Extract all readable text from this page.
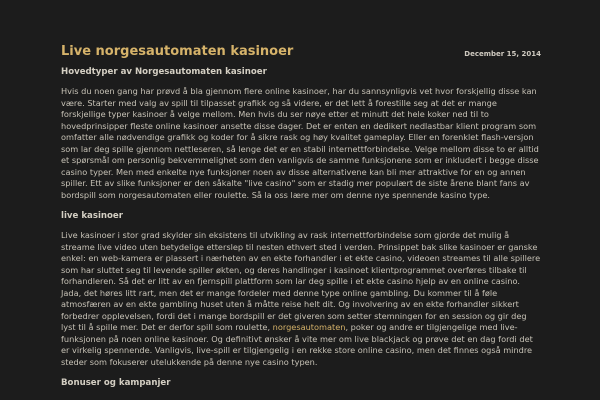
Live norgesautomaten kasinoer	December 15, 2014
Hovedtyper av Norgesautomaten kasinoer

Hvis du noen gang har prøvd å bla gjennom flere online kasinoer, har du sannsynligvis vet hvor forskjellig disse kan være. Starter med valg av spill til tilpasset grafikk og så videre, er det lett å forestille seg at det er mange forskjellige typer kasinoer å velge mellom. Men hvis du ser nøye etter et minutt det hele koker ned til to hovedprinsipper fleste online kasinoer ansette disse dager. Det er enten en dedikert nedlastbar klient program som omfatter alle nødvendige grafikk og koder for å sikre rask og høy kvalitet gameplay. Eller en forenklet flash-versjon som lar deg spille gjennom nettleseren, så lenge det er en stabil internettforbindelse. Velge mellom disse to er alltid et spørsmål om personlig bekvemmelighet som den vanligvis de samme funksjonene som er inkludert i begge disse casino typer. Men med enkelte nye funksjoner noen av disse alternativene kan bli mer attraktive for en og annen spiller. Ett av slike funksjoner er den såkalte "live casino" som er stadig mer populært de siste årene blant fans av bordspill som norgesautomaten eller roulette. Så la oss lære mer om denne nye spennende kasino type.

live kasinoer

Live kasinoer i stor grad skylder sin eksistens til utvikling av rask internettforbindelse som gjorde det mulig å streame live video uten betydelige etterslep til nesten ethvert sted i verden. Prinsippet bak slike kasinoer er ganske enkel: en web-kamera er plassert i nærheten av en ekte forhandler i et ekte casino, videoen streames til alle spillere som har sluttet seg til levende spiller økten, og deres handlinger i kasinoet klientprogrammet overføres tilbake til forhandleren. Så det er litt av en fjernspill plattform som lar deg spille i et ekte casino hjelp av en online casino. Jada, det høres litt rart, men det er mange fordeler med denne type online gambling. Du kommer til å føle atmosfæren av en ekte gambling huset uten å måtte reise helt dit. Og involvering av en ekte forhandler sikkert forbedrer opplevelsen, fordi det i mange bordspill er det giveren som setter stemningen for en session og gir deg lyst til å spille mer. Det er derfor spill som roulette, norgesautomaten, poker og andre er tilgjengelige med live-funksjonen på noen online kasinoer. Og definitivt ønsker å vite mer om live blackjack og prøve det en dag fordi det er virkelig spennende. Vanligvis, live-spill er tilgjengelig i en rekke store online casino, men det finnes også mindre steder som fokuserer utelukkende på denne nye casino typen.

Bonuser og kampanjer
